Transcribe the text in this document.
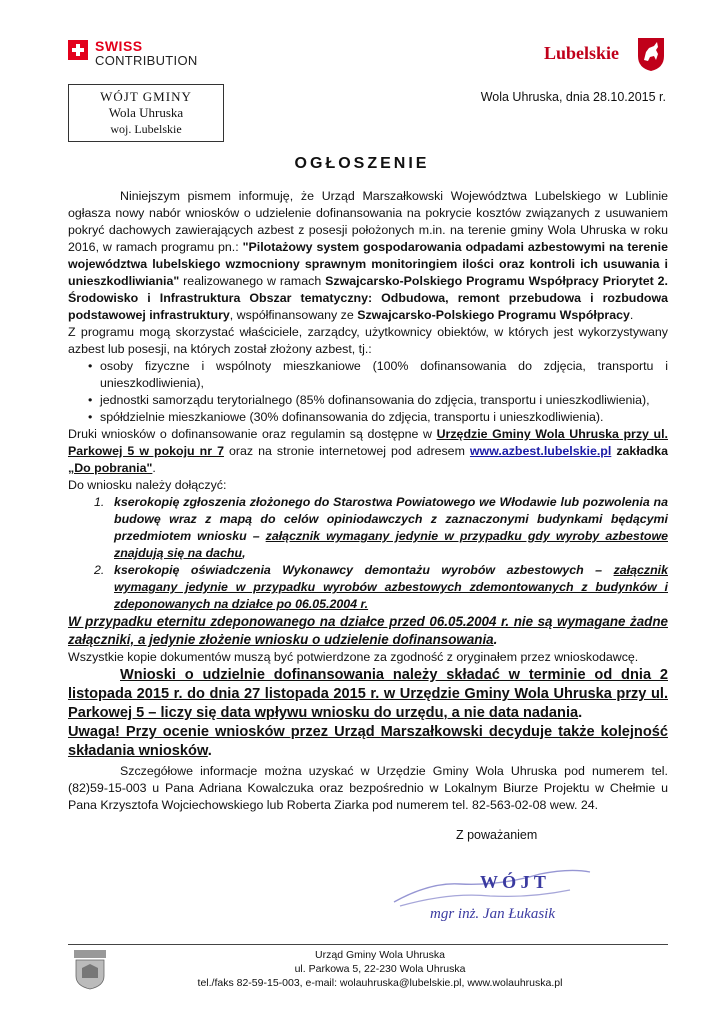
SWISS
CONTRIBUTION	Lubelskie
WÓJT GMINY
Wola Uhruska
woj. Lubelskie
Wola Uhruska, dnia 28.10.2015 r.
OGŁOSZENIE

Niniejszym pismem informuję, że Urząd Marszałkowski Województwa Lubelskiego w Lublinie ogłasza nowy nabór wniosków o udzielenie dofinansowania na pokrycie kosztów związanych z usuwaniem pokryć dachowych zawierających azbest z posesji położonych m.in. na terenie gminy Wola Uhruska w roku 2016, w ramach programu pn.: "Pilotażowy system gospodarowania odpadami azbestowymi na terenie województwa lubelskiego wzmocniony sprawnym monitoringiem ilości oraz kontroli ich usuwania i unieszkodliwiania" realizowanego w ramach Szwajcarsko-Polskiego Programu Współpracy Priorytet 2. Środowisko i Infrastruktura Obszar tematyczny: Odbudowa, remont przebudowa i rozbudowa podstawowej infrastruktury, współfinansowany ze Szwajcarsko-Polskiego Programu Współpracy.

Z programu mogą skorzystać właściciele, zarządcy, użytkownicy obiektów, w których jest wykorzystywany azbest lub posesji, na których został złożony azbest, tj.:

• osoby fizyczne i wspólnoty mieszkaniowe (100% dofinansowania do zdjęcia, transportu i unieszkodliwienia),
• jednostki samorządu terytorialnego (85% dofinansowania do zdjęcia, transportu i unieszkodliwienia),
• spółdzielnie mieszkaniowe (30% dofinansowania do zdjęcia, transportu i unieszkodliwienia).

Druki wniosków o dofinansowanie oraz regulamin są dostępne w Urzędzie Gminy Wola Uhruska przy ul. Parkowej 5 w pokoju nr 7 oraz na stronie internetowej pod adresem www.azbest.lubelskie.pl zakładka „Do pobrania".

Do wniosku należy dołączyć:

1. kserokopię zgłoszenia złożonego do Starostwa Powiatowego we Włodawie lub pozwolenia na budowę wraz z mapą do celów opiniodawczych z zaznaczonymi budynkami będącymi przedmiotem wniosku – załącznik wymagany jedynie w przypadku gdy wyroby azbestowe znajdują się na dachu,
2. kserokopię oświadczenia Wykonawcy demontażu wyrobów azbestowych – załącznik wymagany jedynie w przypadku wyrobów azbestowych zdemontowanych z budynków i zdeponowanych na działce po 06.05.2004 r.

W przypadku eternitu zdeponowanego na działce przed 06.05.2004 r. nie są wymagane żadne załączniki, a jedynie złożenie wniosku o udzielenie dofinansowania.

Wszystkie kopie dokumentów muszą być potwierdzone za zgodność z oryginałem przez wnioskodawcę.

Wnioski o udzielnie dofinansowania należy składać w terminie od dnia 2 listopada 2015 r. do dnia 27 listopada 2015 r. w Urzędzie Gminy Wola Uhruska przy ul. Parkowej 5 – liczy się data wpływu wniosku do urzędu, a nie data nadania.

Uwaga! Przy ocenie wniosków przez Urząd Marszałkowski decyduje także kolejność składania wniosków.

Szczegółowe informacje można uzyskać w Urzędzie Gminy Wola Uhruska pod numerem tel. (82)59-15-003 u Pana Adriana Kowalczuka oraz bezpośrednio w Lokalnym Biurze Projektu w Chełmie u Pana Krzysztofa Wojciechowskiego lub Roberta Ziarka pod numerem tel. 82-563-02-08 wew. 24.

Z poważaniem
W Ó J T
mgr inż. Jan Łukasik
Urząd Gminy Wola Uhruska
ul. Parkowa 5, 22-230 Wola Uhruska
tel./faks 82-59-15-003, e-mail: wolauhruska@lubelskie.pl, www.wolauhruska.pl
